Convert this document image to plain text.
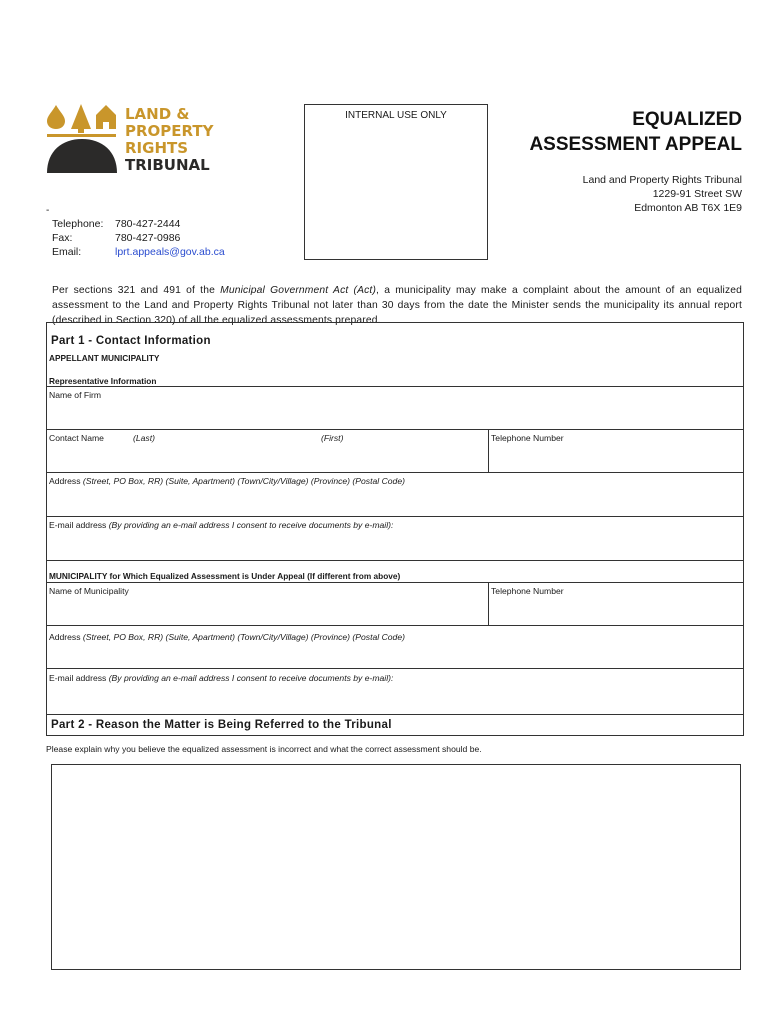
LAND &
PROPERTY
RIGHTS
TRIBUNAL
INTERNAL USE ONLY	EQUALIZED
ASSESSMENT APPEAL
Land and Property Rights Tribunal
1229-91 Street SW
Edmonton AB T6X 1E9
-
Telephone:	780-427-2444
Fax:	780-427-0986
Email:	lprt.appeals@gov.ab.ca
Per sections 321 and 491 of the Municipal Government Act (Act), a municipality may make a complaint about the amount of an equalized assessment to the Land and Property Rights Tribunal not later than 30 days from the date the Minister sends the municipality its annual report (described in Section 320) of all the equalized assessments prepared.
Part 1 - Contact Information
APPELLANT MUNICIPALITY
Representative Information
Name of Firm
Contact Name	(Last)	(First)	Telephone Number
Address (Street, PO Box, RR) (Suite, Apartment) (Town/City/Village) (Province) (Postal Code)
E-mail address (By providing an e-mail address I consent to receive documents by e-mail):
MUNICIPALITY for Which Equalized Assessment is Under Appeal (If different from above)
Name of Municipality	Telephone Number
Address (Street, PO Box, RR) (Suite, Apartment) (Town/City/Village) (Province) (Postal Code)
E-mail address (By providing an e-mail address I consent to receive documents by e-mail):
Part 2 - Reason the Matter is Being Referred to the Tribunal
Please explain why you believe the equalized assessment is incorrect and what the correct assessment should be.
